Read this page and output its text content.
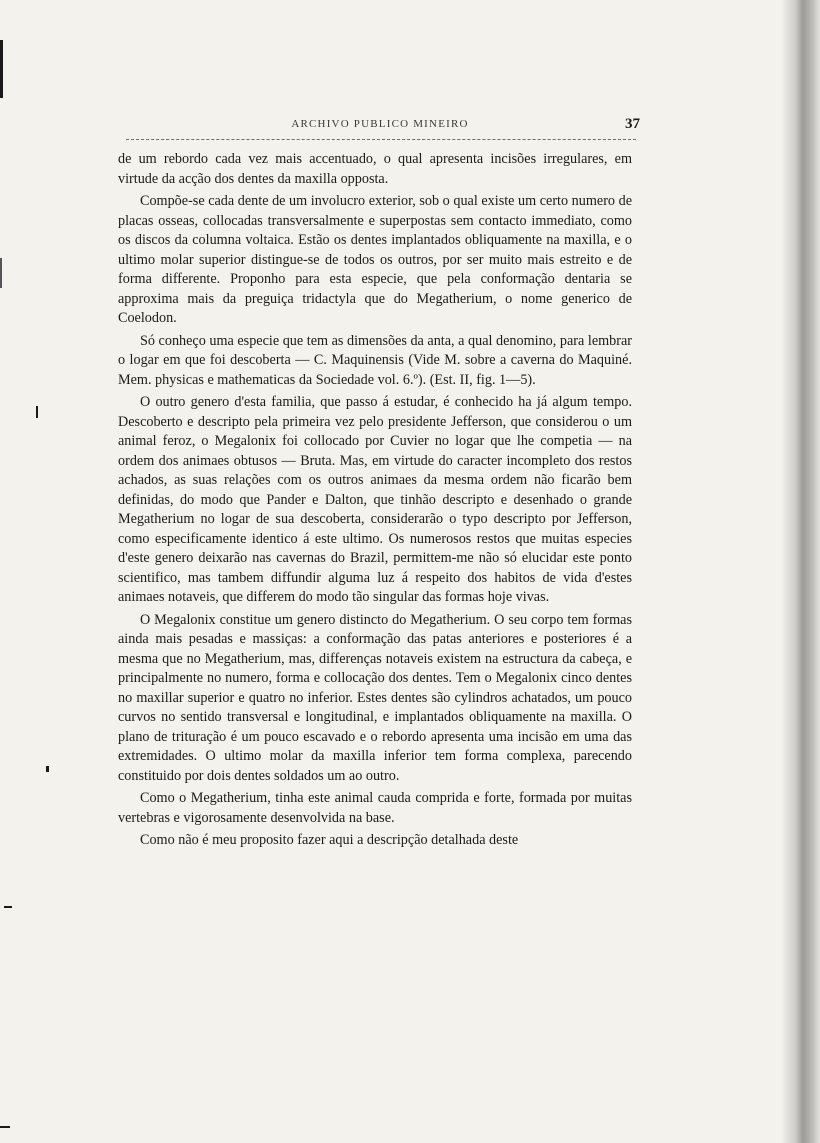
ARCHIVO PUBLICO MINEIRO	37

de um rebordo cada vez mais accentuado, o qual apresenta incisões irregulares, em virtude da acção dos dentes da maxilla opposta.

Compõe-se cada dente de um involucro exterior, sob o qual existe um certo numero de placas osseas, collocadas transversalmente e superpostas sem contacto immediato, como os discos da columna voltaica. Estão os dentes implantados obliquamente na maxilla, e o ultimo molar superior distingue-se de todos os outros, por ser muito mais estreito e de forma differente. Proponho para esta especie, que pela conformação dentaria se approxima mais da preguiça tridactyla que do Megatherium, o nome generico de Coelodon.

Só conheço uma especie que tem as dimensões da anta, a qual denomino, para lembrar o logar em que foi descoberta — C. Maquinensis (Vide M. sobre a caverna do Maquiné. Mem. physicas e mathematicas da Sociedade vol. 6.º). (Est. II, fig. 1—5).

O outro genero d'esta familia, que passo á estudar, é conhecido ha já algum tempo. Descoberto e descripto pela primeira vez pelo presidente Jefferson, que considerou o um animal feroz, o Megalonix foi collocado por Cuvier no logar que lhe competia — na ordem dos animaes obtusos — Bruta. Mas, em virtude do caracter incompleto dos restos achados, as suas relações com os outros animaes da mesma ordem não ficarão bem definidas, do modo que Pander e Dalton, que tinhão descripto e desenhado o grande Megatherium no logar de sua descoberta, considerarão o typo descripto por Jefferson, como especificamente identico á este ultimo. Os numerosos restos que muitas especies d'este genero deixarão nas cavernas do Brazil, permittem-me não só elucidar este ponto scientifico, mas tambem diffundir alguma luz á respeito dos habitos de vida d'estes animaes notaveis, que differem do modo tão singular das formas hoje vivas.

O Megalonix constitue um genero distincto do Megatherium. O seu corpo tem formas ainda mais pesadas e massiças: a conformação das patas anteriores e posteriores é a mesma que no Megatherium, mas, differenças notaveis existem na estructura da cabeça, e principalmente no numero, forma e collocação dos dentes. Tem o Megalonix cinco dentes no maxillar superior e quatro no inferior. Estes dentes são cylindros achatados, um pouco curvos no sentido transversal e longitudinal, e implantados obliquamente na maxilla. O plano de trituração é um pouco escavado e o rebordo apresenta uma incisão em uma das extremidades. O ultimo molar da maxilla inferior tem forma complexa, parecendo constituido por dois dentes soldados um ao outro.

Como o Megatherium, tinha este animal cauda comprida e forte, formada por muitas vertebras e vigorosamente desenvolvida na base.

Como não é meu proposito fazer aqui a descripção detalhada deste
